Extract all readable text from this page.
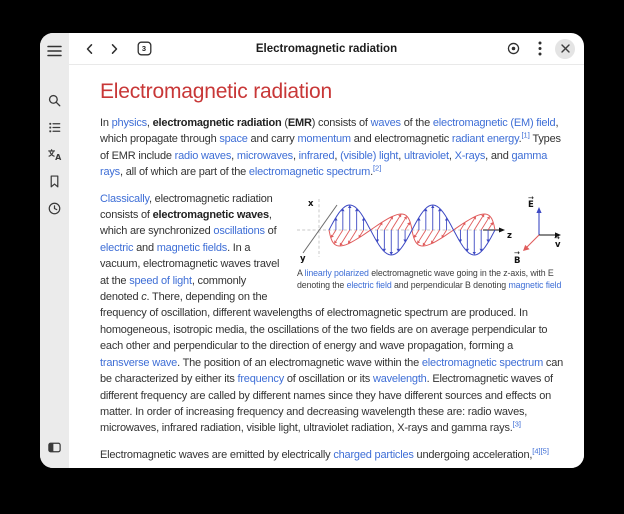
A
3	Electromagnetic radiation
Electromagnetic radiation

In physics, electromagnetic radiation (EMR) consists of waves of the electromagnetic (EM) field, which propagate through space and carry momentum and electromagnetic radiant energy.[1] Types of EMR include radio waves, microwaves, infrared, (visible) light, ultraviolet, X-rays, and gamma rays, all of which are part of the electromagnetic spectrum.[2]

x
y
z
→
E
→
v
→
B
A linearly polarized electromagnetic wave going in the z-axis, with E denoting the electric field and perpendicular B denoting magnetic field

Classically, electromagnetic radiation consists of electromagnetic waves, which are synchronized oscillations of electric and magnetic fields. In a vacuum, electromagnetic waves travel at the speed of light, commonly denoted c. There, depending on the frequency of oscillation, different wavelengths of electromagnetic spectrum are produced. In homogeneous, isotropic media, the oscillations of the two fields are on average perpendicular to each other and perpendicular to the direction of energy and wave propagation, forming a transverse wave. The position of an electromagnetic wave within the electromagnetic spectrum can be characterized by either its frequency of oscillation or its wavelength. Electromagnetic waves of different frequency are called by different names since they have different sources and effects on matter. In order of increasing frequency and decreasing wavelength these are: radio waves, microwaves, infrared radiation, visible light, ultraviolet radiation, X-rays and gamma rays.[3]

Electromagnetic waves are emitted by electrically charged particles undergoing acceleration,[4][5]
